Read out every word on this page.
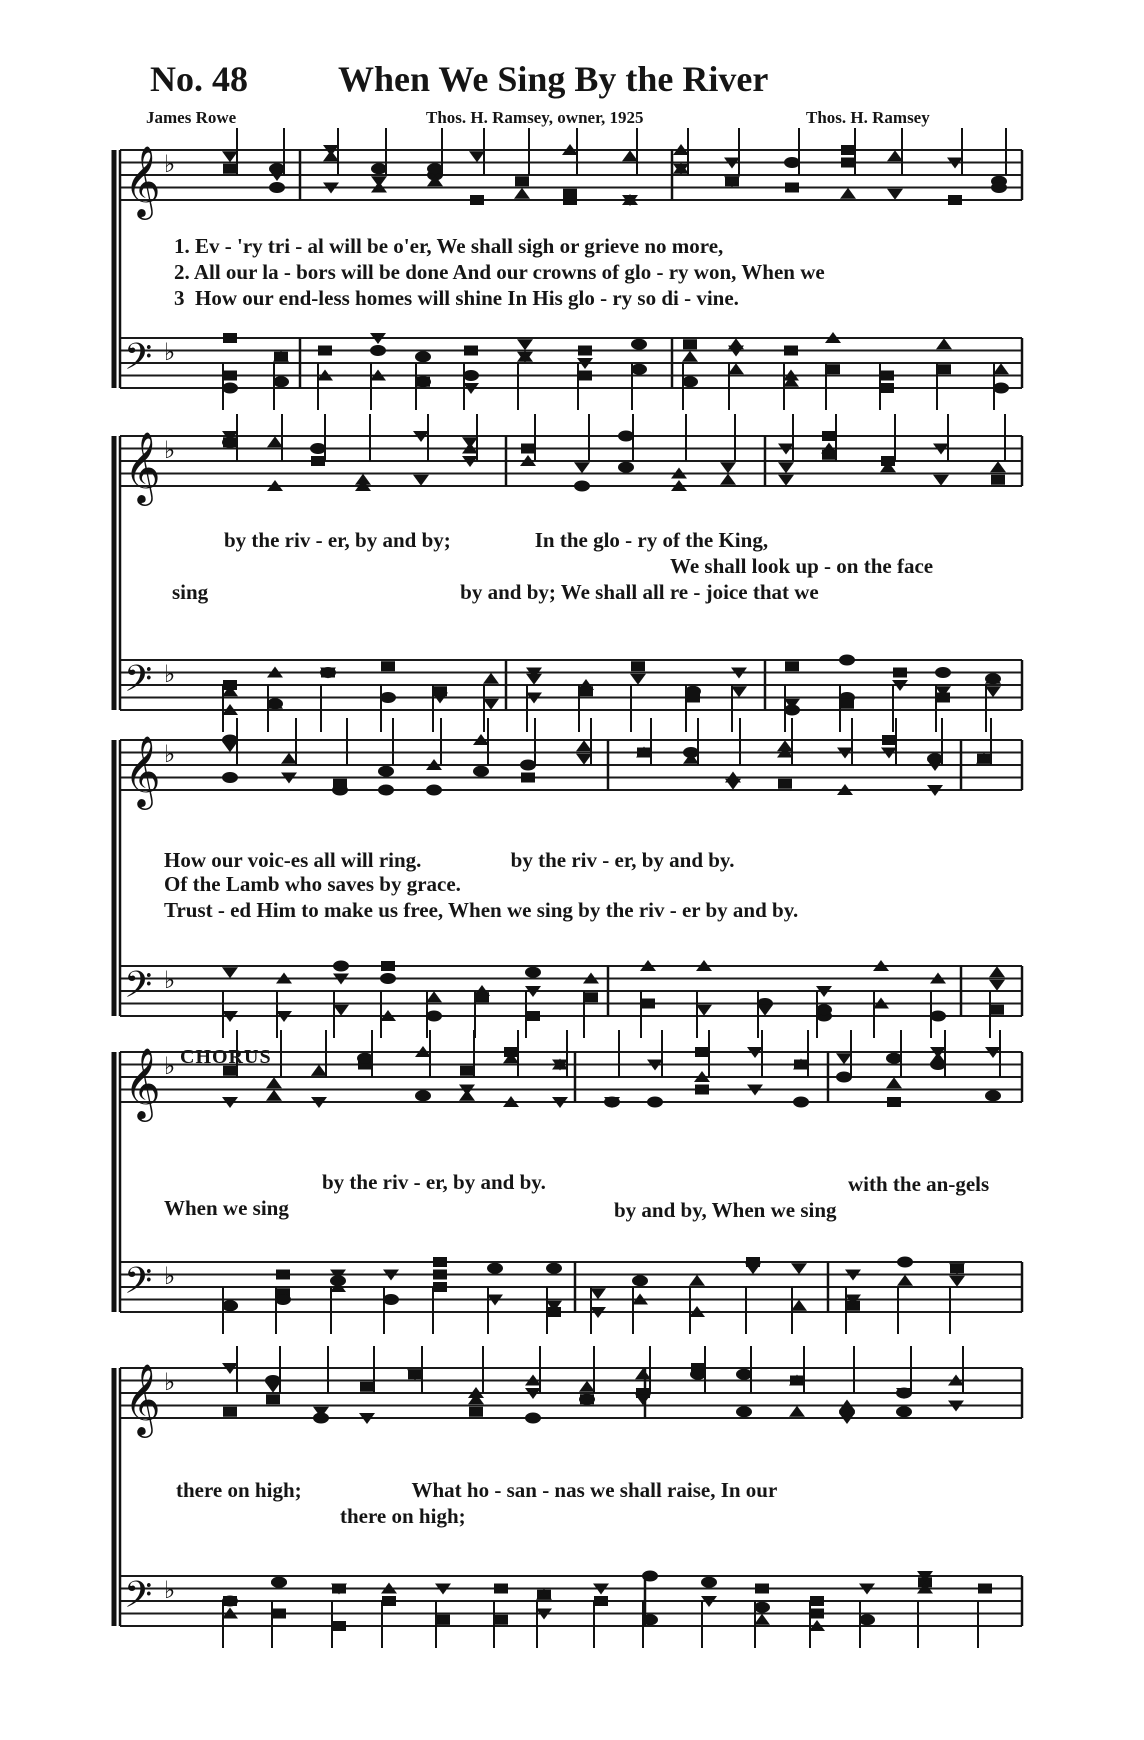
𝄞 ♭
𝄢 ♭
𝄞 ♭
𝄢 ♭
𝄞 ♭
𝄢 ♭
𝄞 ♭
𝄢 ♭
𝄞 ♭
𝄢 ♭
No. 48	When We Sing By the River
James Rowe	Thos. H. Ramsey, owner, 1925	Thos. H. Ramsey
1. Ev - 'ry tri - al will be o'er, We shall sigh or grieve no more,
2. All our la - bors will be done And our crowns of glo - ry won, When we
3  How our end-less homes will shine In His glo - ry so di - vine.
by the riv - er, by and by;                In the glo - ry of the King,
We shall look up - on the face
sing                                                by and by; We shall all re - joice that we
How our voic-es all will ring.                 by the riv - er, by and by.
Of the Lamb who saves by grace.
Trust - ed Him to make us free, When we sing by the riv - er by and by.
CHORUS
by the riv - er, by and by.	with the an-gels
When we sing	by and by, When we sing
there on high;                     What ho - san - nas we shall raise, In our
there on high;
